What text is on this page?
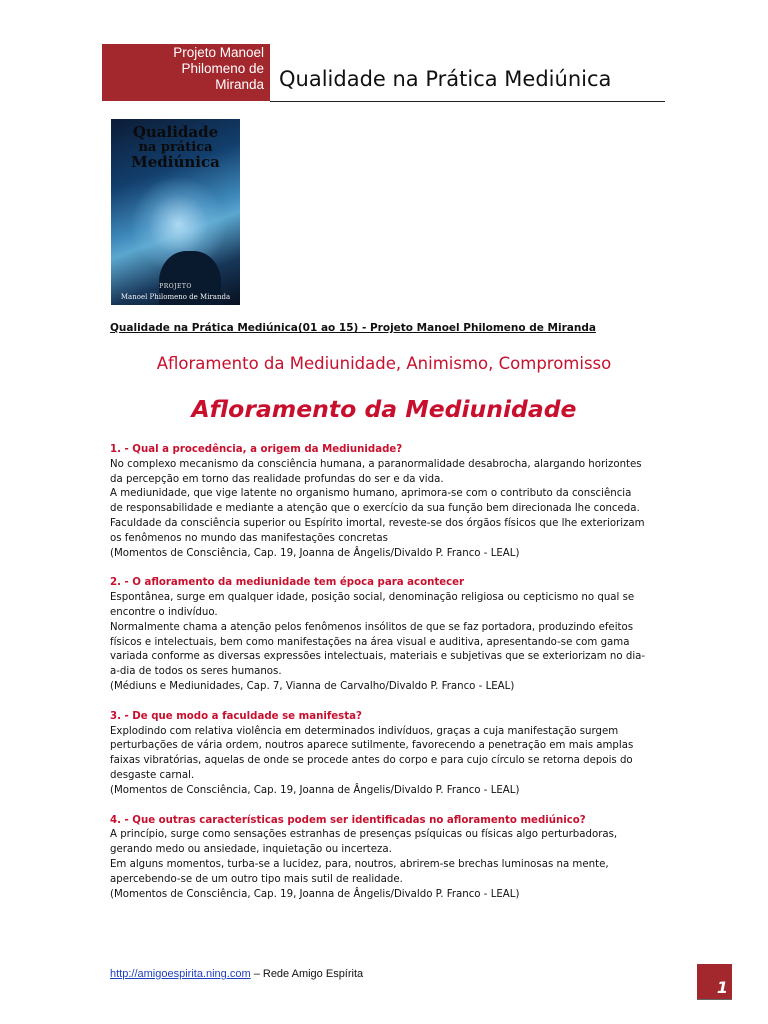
Projeto Manoel
Philomeno de
Miranda Qualidade na Prática Mediúnica
Qualidade
na prática
Mediúnica
PROJETO
Manoel Philomeno de Miranda
Qualidade na Prática Mediúnica(01 ao 15) - Projeto Manoel Philomeno de Miranda
Afloramento da Mediunidade, Animismo, Compromisso
Afloramento da Mediunidade
1. - Qual a procedência, a origem da Mediunidade?
No complexo mecanismo da consciência humana, a paranormalidade desabrocha, alargando horizontes
da percepção em torno das realidade profundas do ser e da vida.
A mediunidade, que vige latente no organismo humano, aprimora-se com o contributo da consciência
de responsabilidade e mediante a atenção que o exercício da sua função bem direcionada lhe conceda.
Faculdade da consciência superior ou Espírito imortal, reveste-se dos órgãos físicos que lhe exteriorizam
os fenômenos no mundo das manifestações concretas
(Momentos de Consciência, Cap. 19, Joanna de Ângelis/Divaldo P. Franco - LEAL)
2. - O afloramento da mediunidade tem época para acontecer
Espontânea, surge em qualquer idade, posição social, denominação religiosa ou cepticismo no qual se
encontre o indivíduo.
Normalmente chama a atenção pelos fenômenos insólitos de que se faz portadora, produzindo efeitos
físicos e intelectuais, bem como manifestações na área visual e auditiva, apresentando-se com gama
variada conforme as diversas expressões intelectuais, materiais e subjetivas que se exteriorizam no dia-
a-dia de todos os seres humanos.
(Médiuns e Mediunidades, Cap. 7, Vianna de Carvalho/Divaldo P. Franco - LEAL)
3. - De que modo a faculdade se manifesta?
Explodindo com relativa violência em determinados indivíduos, graças a cuja manifestação surgem
perturbações de vária ordem, noutros aparece sutilmente, favorecendo a penetração em mais amplas
faixas vibratórias, aquelas de onde se procede antes do corpo e para cujo círculo se retorna depois do
desgaste carnal.
(Momentos de Consciência, Cap. 19, Joanna de Ângelis/Divaldo P. Franco - LEAL)
4. - Que outras características podem ser identificadas no afloramento mediúnico?
A princípio, surge como sensações estranhas de presenças psíquicas ou físicas algo perturbadoras,
gerando medo ou ansiedade, inquietação ou incerteza.
Em alguns momentos, turba-se a lucidez, para, noutros, abrirem-se brechas luminosas na mente,
apercebendo-se de um outro tipo mais sutil de realidade.
(Momentos de Consciência, Cap. 19, Joanna de Ângelis/Divaldo P. Franco - LEAL)
http://amigoespirita.ning.com – Rede Amigo Espírita
1
